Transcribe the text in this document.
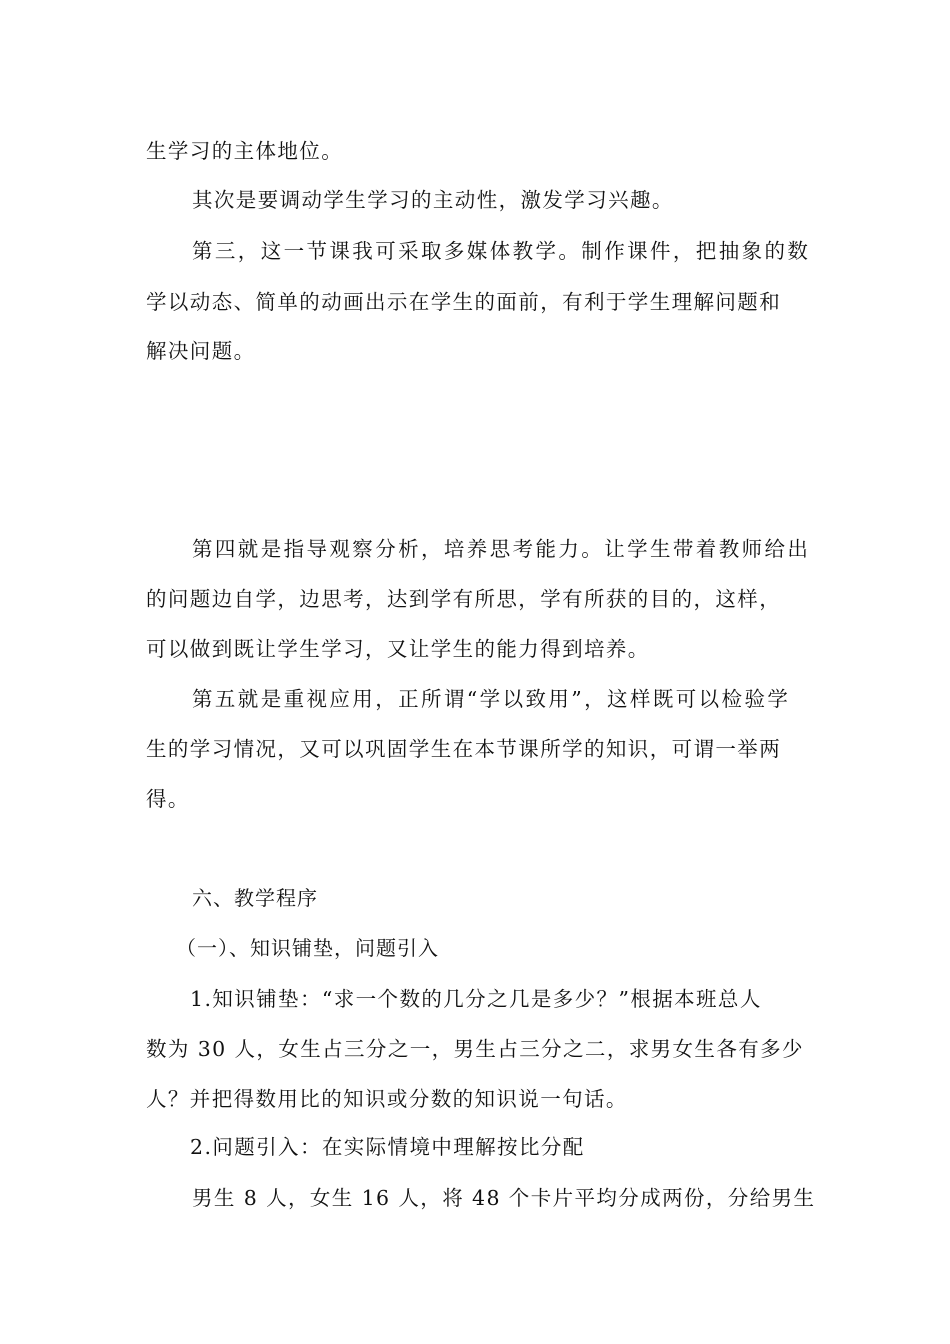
生学习的主体地位。
其次是要调动学生学习的主动性，激发学习兴趣。
第三，这一节课我可采取多媒体教学。制作课件，把抽象的数
学以动态、简单的动画出示在学生的面前，有利于学生理解问题和
解决问题。
第四就是指导观察分析，培养思考能力。让学生带着教师给出
的问题边自学，边思考，达到学有所思，学有所获的目的，这样，
可以做到既让学生学习，又让学生的能力得到培养。
第五就是重视应用，正所谓“学以致用”，这样既可以检验学
生的学习情况，又可以巩固学生在本节课所学的知识，可谓一举两
得。
六、教学程序
（一）、知识铺垫，问题引入
1.知识铺垫：“求一个数的几分之几是多少？”根据本班总人
数为 30 人，女生占三分之一，男生占三分之二，求男女生各有多少
人？并把得数用比的知识或分数的知识说一句话。
2.问题引入：在实际情境中理解按比分配
男生 8 人，女生 16 人，将 48 个卡片平均分成两份，分给男生
